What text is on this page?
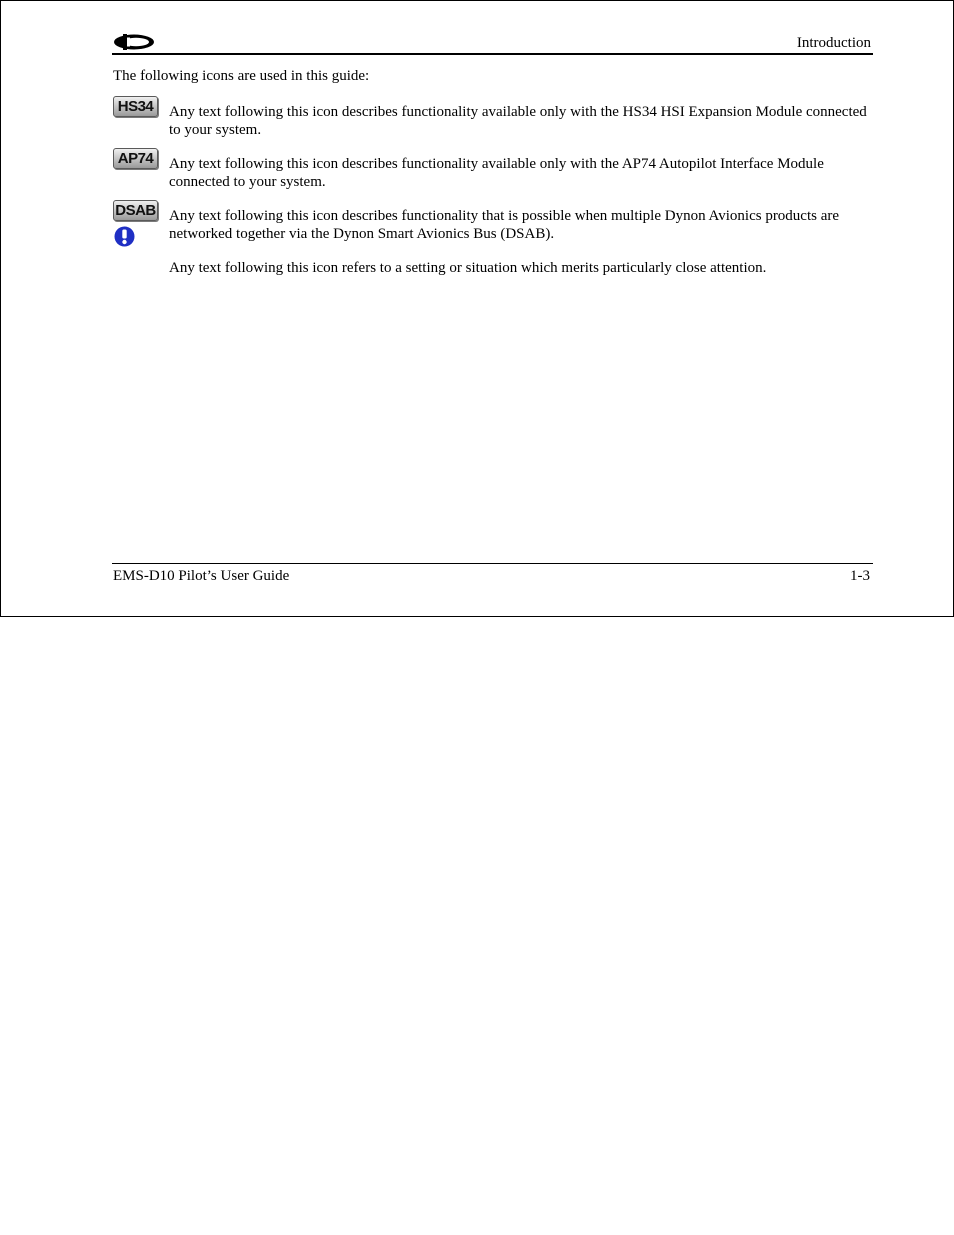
Introduction
The following icons are used in this guide:
HS34	Any text following this icon describes functionality available only with the HS34 HSI Expansion Module connected to your system.
AP74	Any text following this icon describes functionality available only with the AP74 Autopilot Interface Module connected to your system.
DSAB Any text following this icon describes functionality that is possible when multiple Dynon Avionics products are networked together via the Dynon Smart Avionics Bus (DSAB).
Any text following this icon refers to a setting or situation which merits particularly close attention.
EMS-D10 Pilot’s User Guide	1-3
